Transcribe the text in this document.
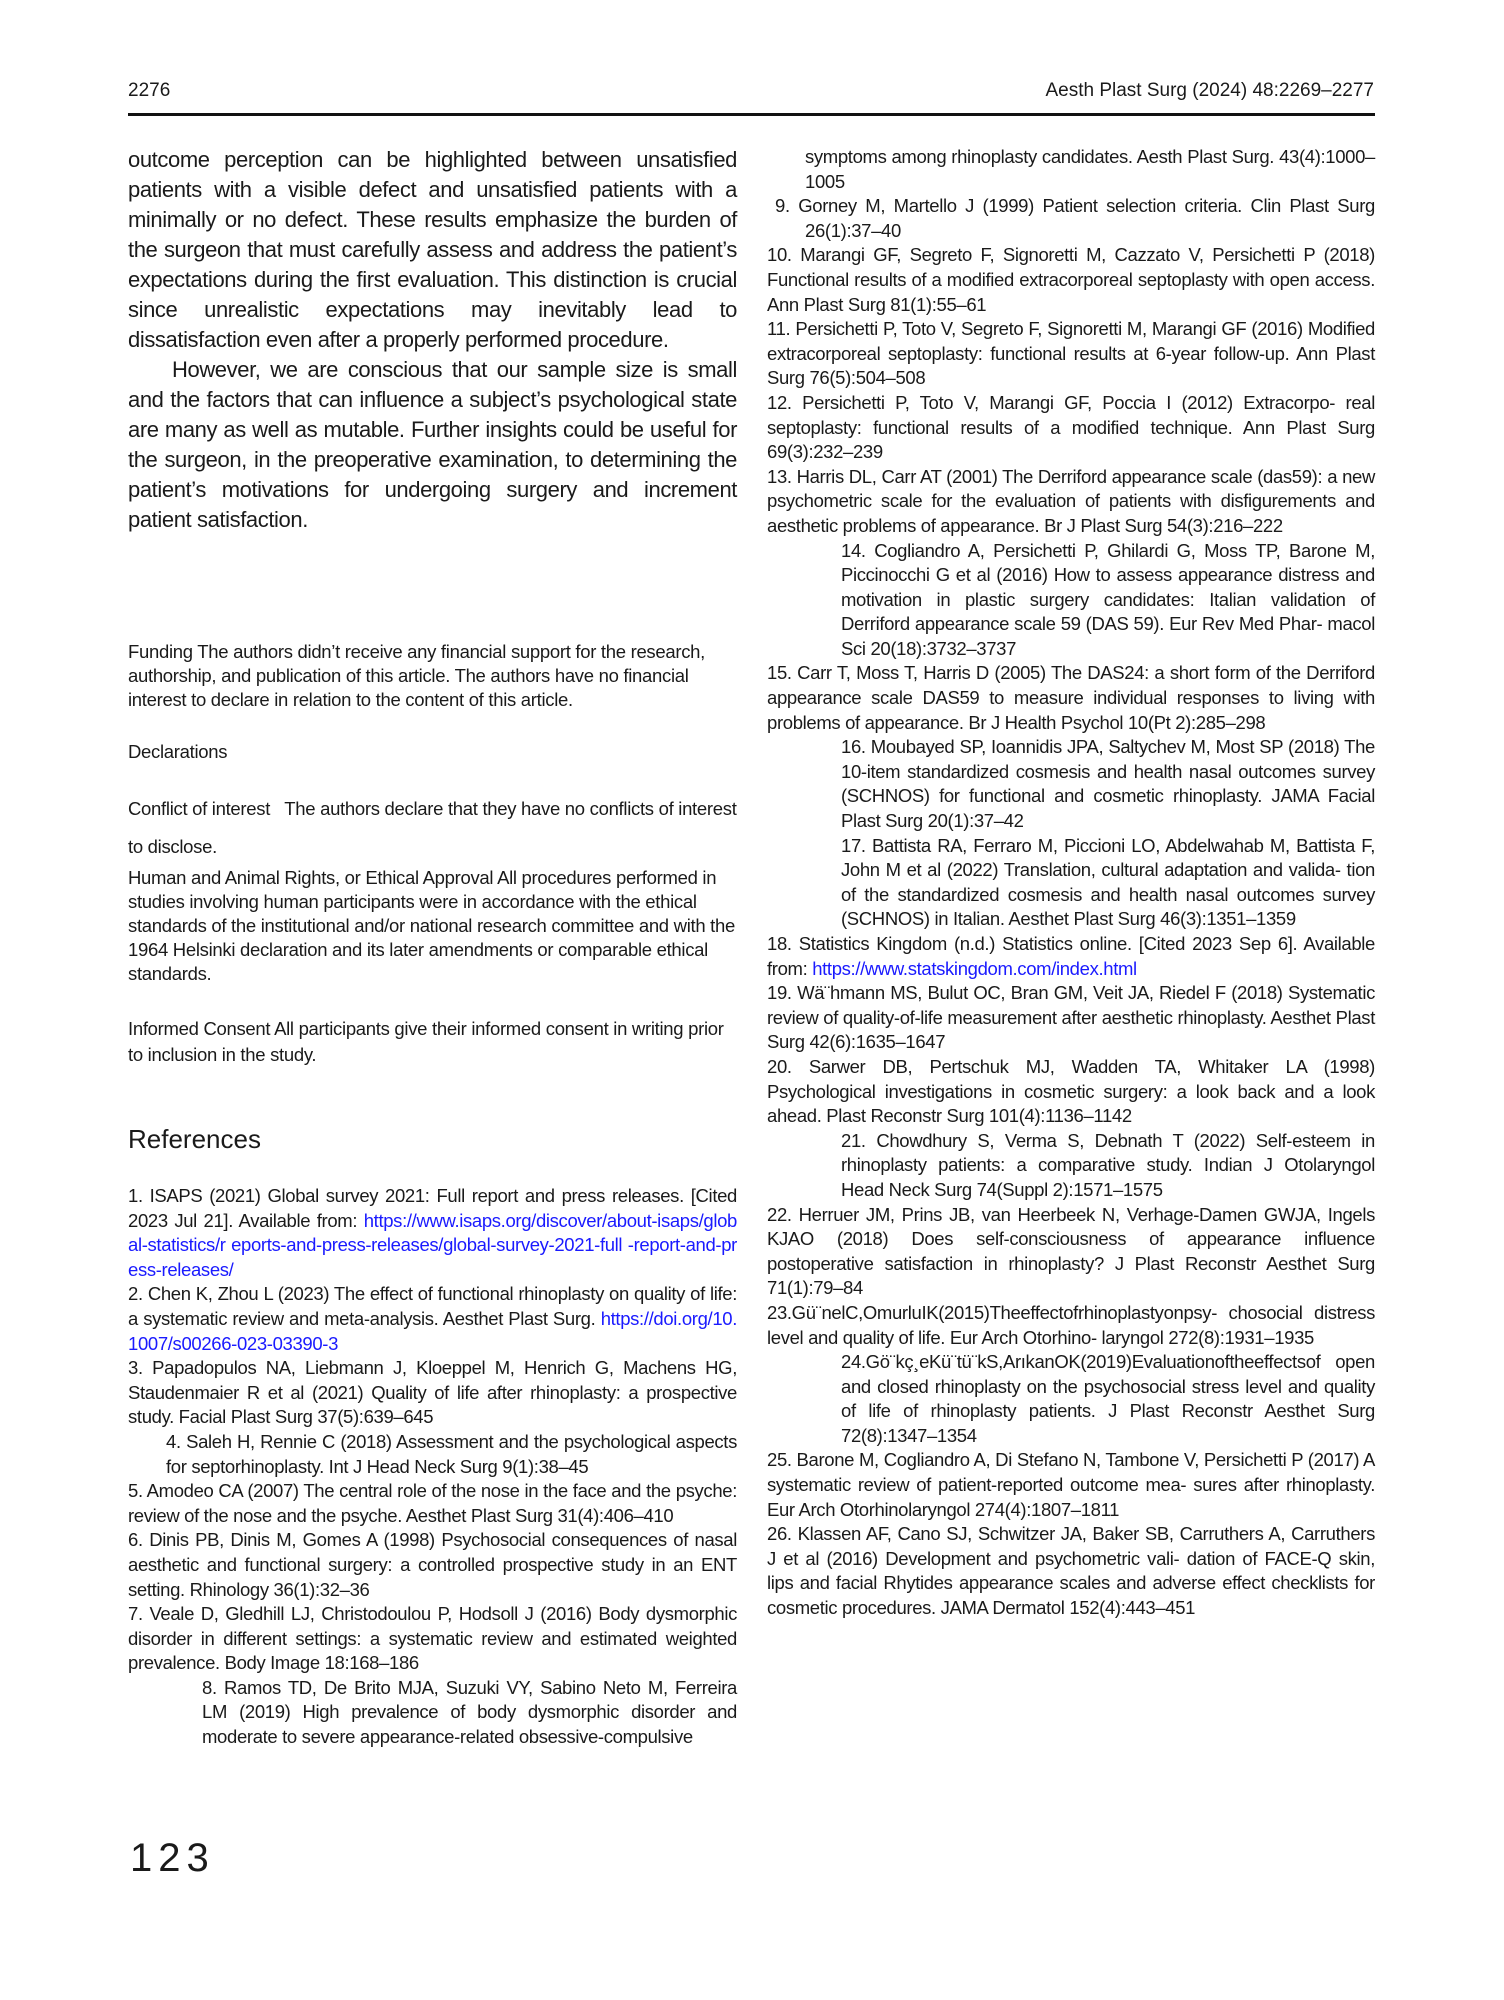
2276	Aesth Plast Surg (2024) 48:2269–2277

outcome perception can be highlighted between unsatisfied patients with a visible defect and unsatisfied patients with a minimally or no defect. These results emphasize the burden of the surgeon that must carefully assess and address the patient’s expectations during the first evaluation. This distinction is crucial since unrealistic expectations may inevitably lead to dissatisfaction even after a properly performed procedure.

However, we are conscious that our sample size is small and the factors that can influence a subject’s psychological state are many as well as mutable. Further insights could be useful for the surgeon, in the preoperative examination, to determining the patient’s motivations for undergoing surgery and increment patient satisfaction.

Funding The authors didn’t receive any financial support for the research, authorship, and publication of this article. The authors have no financial interest to declare in relation to the content of this article.

Declarations
Conflict of interest The authors declare that they have no conflicts of interest to disclose.

Human and Animal Rights, or Ethical Approval All procedures performed in studies involving human participants were in accordance with the ethical standards of the institutional and/or national research committee and with the 1964 Helsinki declaration and its later amendments or comparable ethical standards.

Informed Consent All participants give their informed consent in writing prior to inclusion in the study.
References

1. ISAPS (2021) Global survey 2021: Full report and press releases. [Cited 2023 Jul 21]. Available from: https://www.isaps.org/discover/about-isaps/global-statistics/r eports-and-press-releases/global-survey-2021-full -report-and-press-releases/

2. Chen K, Zhou L (2023) The effect of functional rhinoplasty on quality of life: a systematic review and meta-analysis. Aesthet Plast Surg. https://doi.org/10.1007/s00266-023-03390-3

3. Papadopulos NA, Liebmann J, Kloeppel M, Henrich G, Machens HG, Staudenmaier R et al (2021) Quality of life after rhinoplasty: a prospective study. Facial Plast Surg 37(5):639–645

4. Saleh H, Rennie C (2018) Assessment and the psychological aspects for septorhinoplasty. Int J Head Neck Surg 9(1):38–45

5. Amodeo CA (2007) The central role of the nose in the face and the psyche: review of the nose and the psyche. Aesthet Plast Surg 31(4):406–410

6. Dinis PB, Dinis M, Gomes A (1998) Psychosocial consequences of nasal aesthetic and functional surgery: a controlled prospective study in an ENT setting. Rhinology 36(1):32–36

7. Veale D, Gledhill LJ, Christodoulou P, Hodsoll J (2016) Body dysmorphic disorder in different settings: a systematic review and estimated weighted prevalence. Body Image 18:168–186

8. Ramos TD, De Brito MJA, Suzuki VY, Sabino Neto M, Ferreira LM (2019) High prevalence of body dysmorphic disorder and moderate to severe appearance-related obsessive-compulsive

symptoms among rhinoplasty candidates. Aesth Plast Surg. 43(4):1000–1005

9. Gorney M, Martello J (1999) Patient selection criteria. Clin Plast Surg 26(1):37–40

10. Marangi GF, Segreto F, Signoretti M, Cazzato V, Persichetti P (2018) Functional results of a modified extracorporeal septoplasty with open access. Ann Plast Surg 81(1):55–61

11. Persichetti P, Toto V, Segreto F, Signoretti M, Marangi GF (2016) Modified extracorporeal septoplasty: functional results at 6-year follow-up. Ann Plast Surg 76(5):504–508

12. Persichetti P, Toto V, Marangi GF, Poccia I (2012) Extracorpo- real septoplasty: functional results of a modified technique. Ann Plast Surg 69(3):232–239

13. Harris DL, Carr AT (2001) The Derriford appearance scale (das59): a new psychometric scale for the evaluation of patients with disfigurements and aesthetic problems of appearance. Br J Plast Surg 54(3):216–222

14. Cogliandro A, Persichetti P, Ghilardi G, Moss TP, Barone M, Piccinocchi G et al (2016) How to assess appearance distress and motivation in plastic surgery candidates: Italian validation of Derriford appearance scale 59 (DAS 59). Eur Rev Med Phar- macol Sci 20(18):3732–3737

15. Carr T, Moss T, Harris D (2005) The DAS24: a short form of the Derriford appearance scale DAS59 to measure individual responses to living with problems of appearance. Br J Health Psychol 10(Pt 2):285–298

16. Moubayed SP, Ioannidis JPA, Saltychev M, Most SP (2018) The 10-item standardized cosmesis and health nasal outcomes survey (SCHNOS) for functional and cosmetic rhinoplasty. JAMA Facial Plast Surg 20(1):37–42

17. Battista RA, Ferraro M, Piccioni LO, Abdelwahab M, Battista F, John M et al (2022) Translation, cultural adaptation and valida- tion of the standardized cosmesis and health nasal outcomes survey (SCHNOS) in Italian. Aesthet Plast Surg 46(3):1351–1359

18. Statistics Kingdom (n.d.) Statistics online. [Cited 2023 Sep 6]. Available from: https://www.statskingdom.com/index.html

19. Wä¨hmann MS, Bulut OC, Bran GM, Veit JA, Riedel F (2018) Systematic review of quality-of-life measurement after aesthetic rhinoplasty. Aesthet Plast Surg 42(6):1635–1647

20. Sarwer DB, Pertschuk MJ, Wadden TA, Whitaker LA (1998) Psychological investigations in cosmetic surgery: a look back and a look ahead. Plast Reconstr Surg 101(4):1136–1142

21. Chowdhury S, Verma S, Debnath T (2022) Self-esteem in rhinoplasty patients: a comparative study. Indian J Otolaryngol Head Neck Surg 74(Suppl 2):1571–1575

22. Herruer JM, Prins JB, van Heerbeek N, Verhage-Damen GWJA, Ingels KJAO (2018) Does self-consciousness of appearance influence postoperative satisfaction in rhinoplasty? J Plast Reconstr Aesthet Surg 71(1):79–84

23.Gü¨nelC,OmurluIK(2015)Theeffectofrhinoplastyonpsy- chosocial distress level and quality of life. Eur Arch Otorhino- laryngol 272(8):1931–1935

24.Gö¨kç¸eKü¨tü¨kS,ArıkanOK(2019)Evaluationoftheeffectsof open and closed rhinoplasty on the psychosocial stress level and quality of life of rhinoplasty patients. J Plast Reconstr Aesthet Surg 72(8):1347–1354

25. Barone M, Cogliandro A, Di Stefano N, Tambone V, Persichetti P (2017) A systematic review of patient-reported outcome mea- sures after rhinoplasty. Eur Arch Otorhinolaryngol 274(4):1807–1811

26. Klassen AF, Cano SJ, Schwitzer JA, Baker SB, Carruthers A, Carruthers J et al (2016) Development and psychometric vali- dation of FACE-Q skin, lips and facial Rhytides appearance scales and adverse effect checklists for cosmetic procedures. JAMA Dermatol 152(4):443–451

123
